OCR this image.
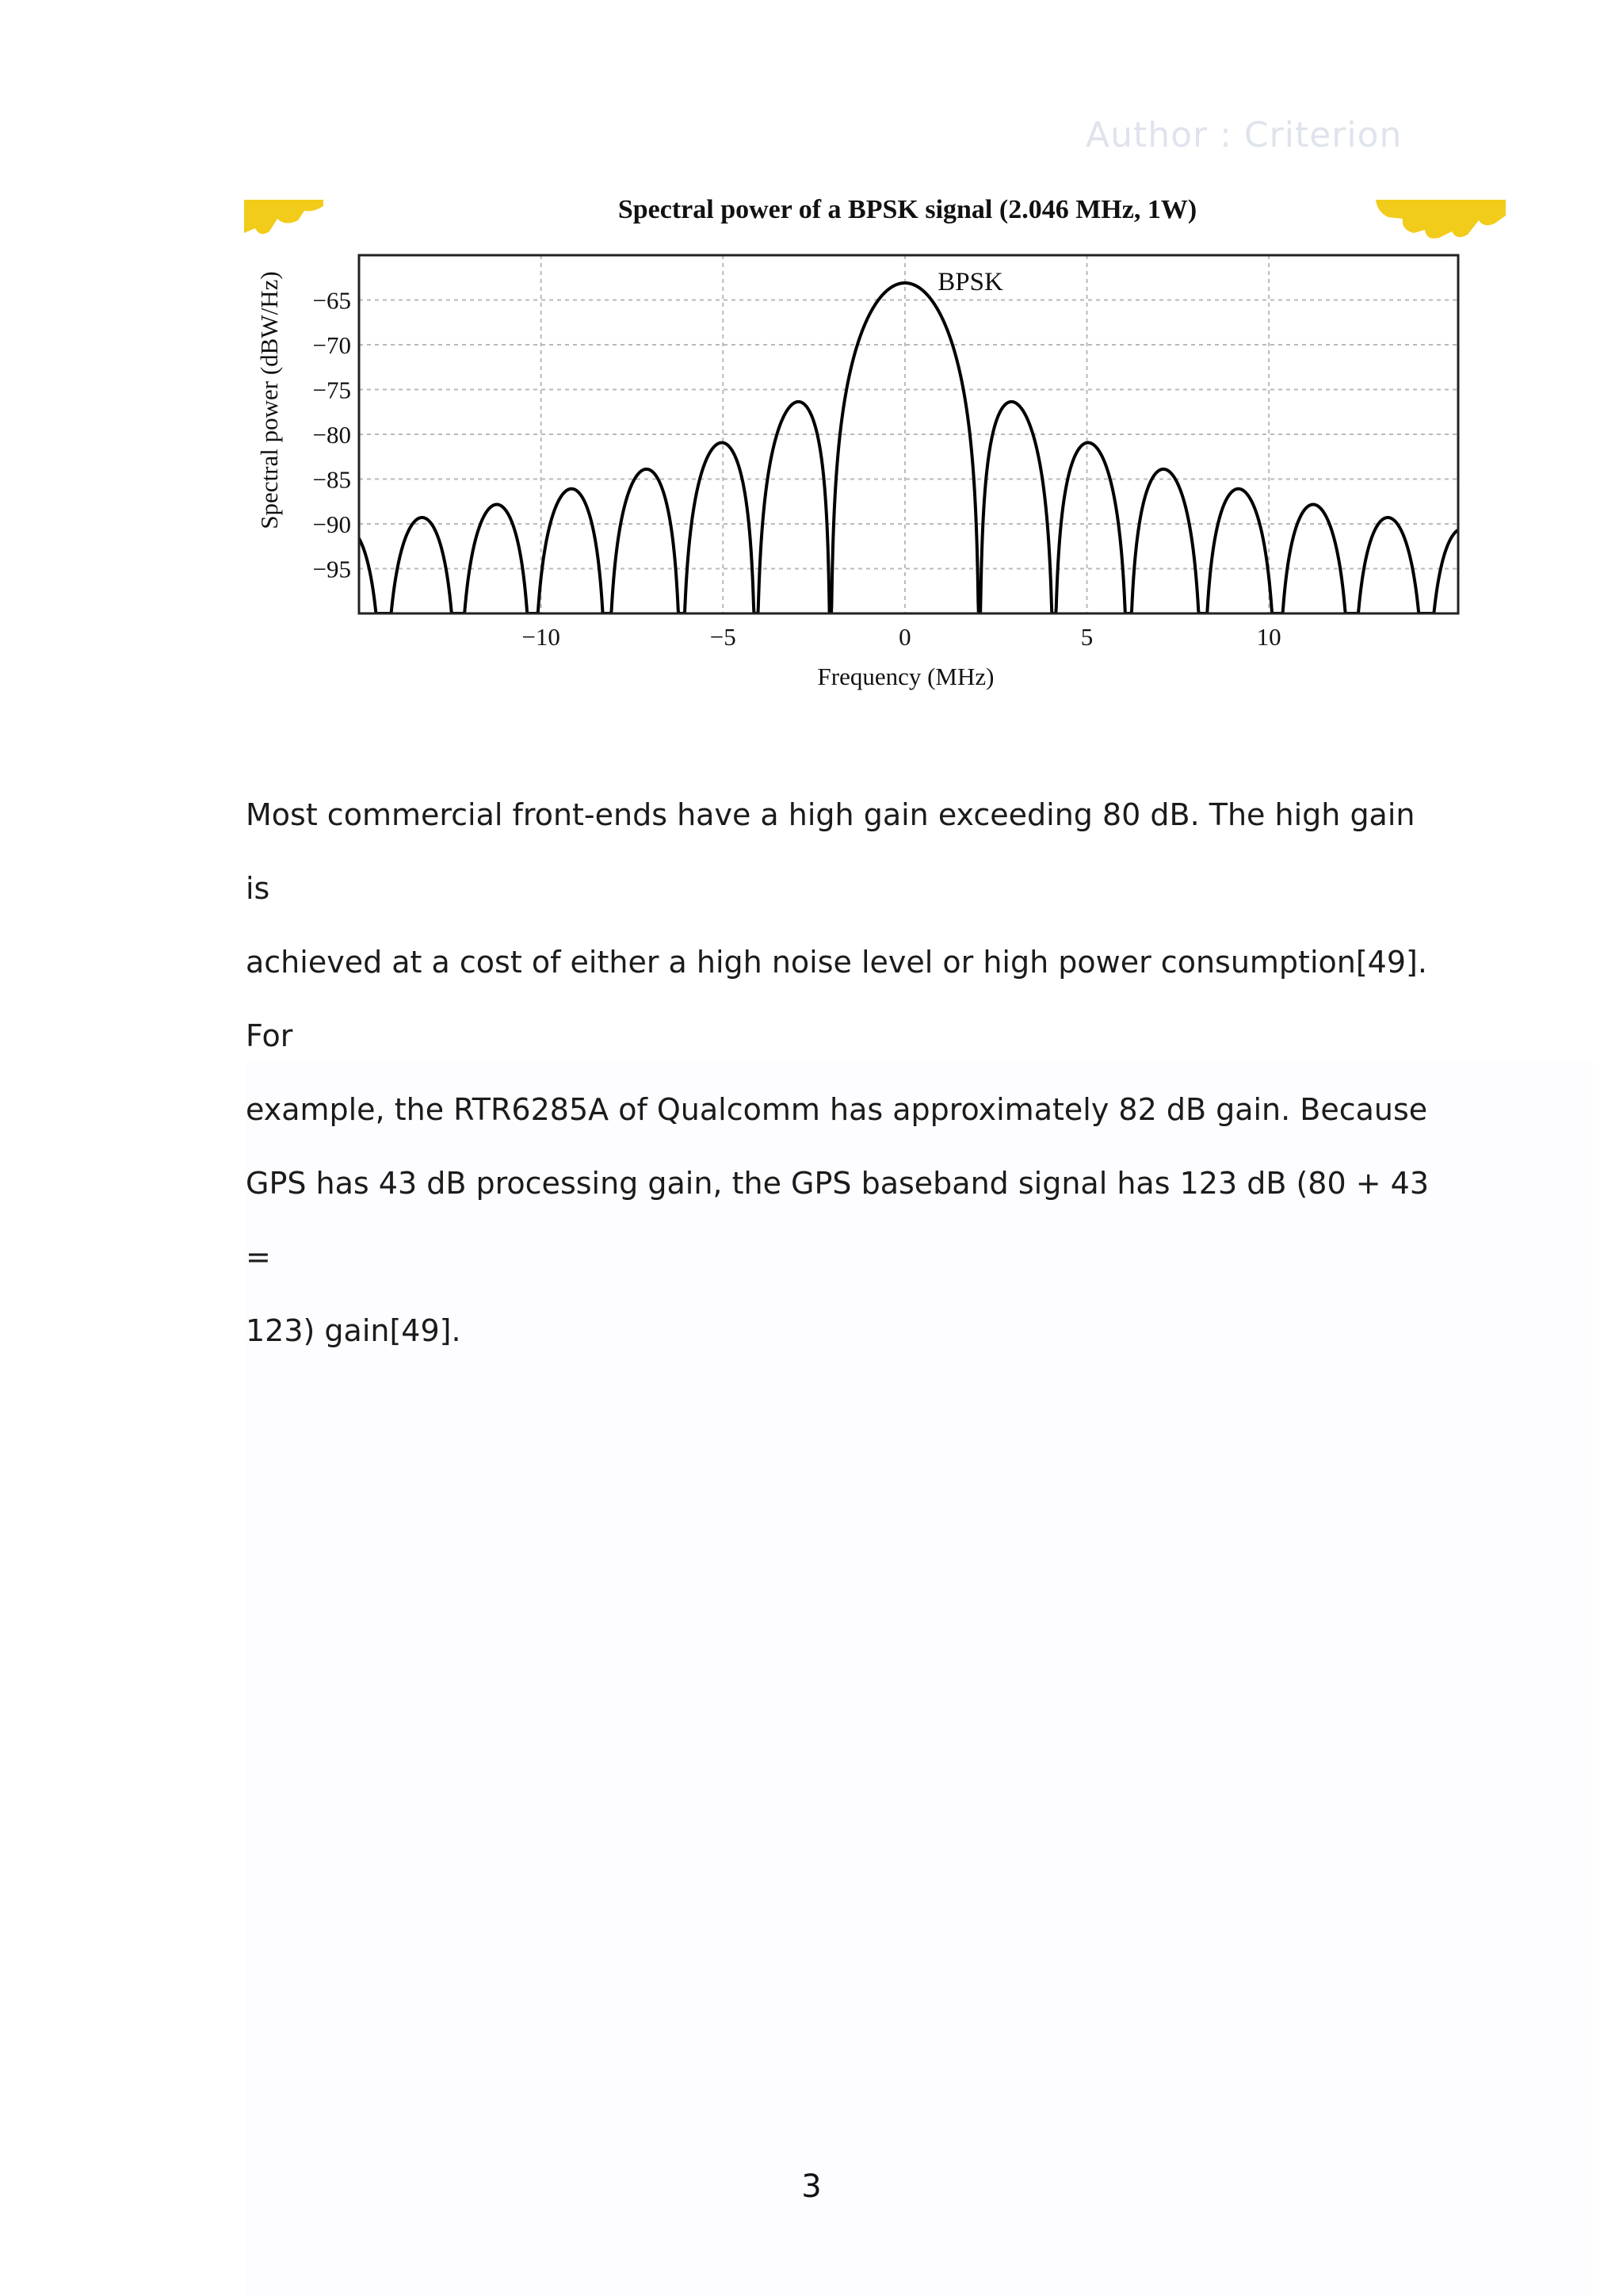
Author : Criterion
Spectral power of a BPSK signal (2.046 MHz, 1W)
Spectral power (dBW/Hz)
Frequency (MHz)
−65
−70
−75
−80
−85
−90
−95
−10	−5	0	5	10
BPSK
Most commercial front-ends have a high gain exceeding 80 dB. The high gain is
achieved at a cost of either a high noise level or high power consumption[49]. For
example, the RTR6285A of Qualcomm has approximately 82 dB gain. Because
GPS has 43 dB processing gain, the GPS baseband signal has 123 dB (80 + 43 =
123) gain[49].
3
